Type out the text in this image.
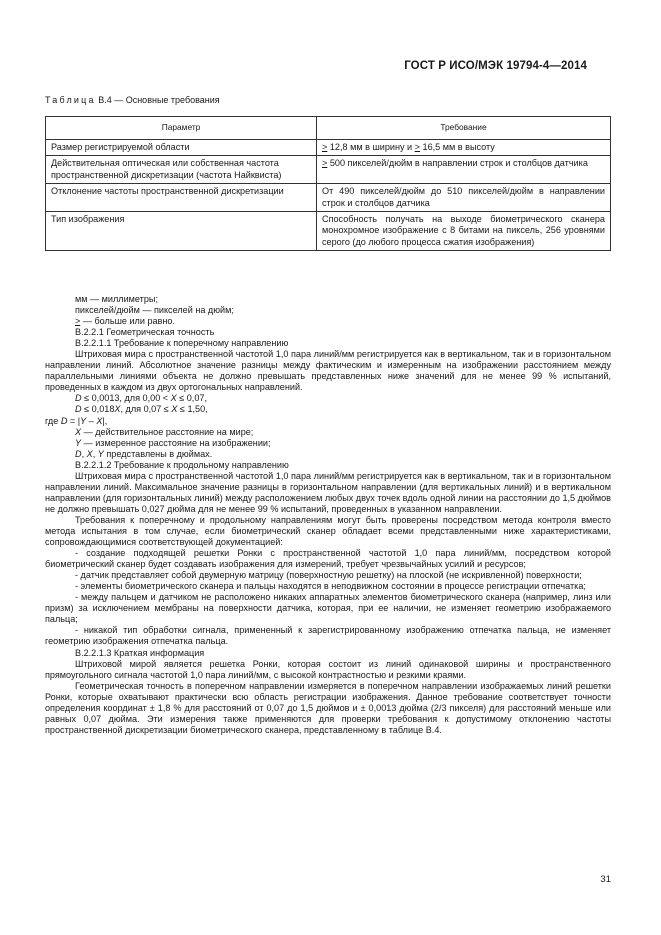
ГОСТ Р ИСО/МЭК 19794-4—2014
Таблица В.4 — Основные требования
Параметр	Требование
Размер регистрируемой области	≥ 12,8 мм в ширину и ≥ 16,5 мм в высоту
Действительная оптическая или собственная частота пространственной дискретизации (частота Найквиста)	≥ 500 пикселей/дюйм в направлении строк и столбцов датчика
Отклонение частоты пространственной дискретизации	От 490 пикселей/дюйм до 510 пикселей/дюйм в направлении строк и столбцов датчика
Тип изображения	Способность получать на выходе биометрического сканера монохромное изображение с 8 битами на пиксель, 256 уровнями серого (до любого процесса сжатия изображения)

мм — миллиметры;

пикселей/дюйм — пикселей на дюйм;

> — больше или равно.

В.2.2.1 Геометрическая точность

В.2.2.1.1 Требование к поперечному направлению

Штриховая мира с пространственной частотой 1,0 пара линий/мм регистрируется как в вертикальном, так и в горизонтальном направлении линий. Абсолютное значение разницы между фактическим и измеренным на изображении расстоянием между параллельными линиями объекта не должно превышать представленных ниже значений для не менее 99 % испытаний, проведенных в каждом из двух ортогональных направлений.

D ≤ 0,0013, для 0,00 < X ≤ 0,07,

D ≤ 0,018X, для 0,07 ≤ X ≤ 1,50,

где D = |Y – X|,

X — действительное расстояние на мире;

Y — измеренное расстояние на изображении;

D, X, Y представлены в дюймах.

В.2.2.1.2 Требование к продольному направлению

Штриховая мира с пространственной частотой 1,0 пара линий/мм регистрируется как в вертикальном, так и в горизонтальном направлении линий. Максимальное значение разницы в горизонтальном направлении (для вертикальных линий) и в вертикальном направлении (для горизонтальных линий) между расположением любых двух точек вдоль одной линии на расстоянии до 1,5 дюймов не должно превышать 0,027 дюйма для не менее 99 % испытаний, проведенных в указанном направлении.

Требования к поперечному и продольному направлениям могут быть проверены посредством метода контроля вместо метода испытания в том случае, если биометрический сканер обладает всеми представленными ниже характеристиками, сопровождающимися соответствующей документацией:

- создание подходящей решетки Ронки с пространственной частотой 1,0 пара линий/мм, посредством которой биометрический сканер будет создавать изображения для измерений, требует чрезвычайных усилий и ресурсов;

- датчик представляет собой двумерную матрицу (поверхностную решетку) на плоской (не искривленной) поверхности;

- элементы биометрического сканера и пальцы находятся в неподвижном состоянии в процессе регистрации отпечатка;

- между пальцем и датчиком не расположено никаких аппаратных элементов биометрического сканера (например, линз или призм) за исключением мембраны на поверхности датчика, которая, при ее наличии, не изменяет геометрию изображаемого пальца;

- никакой тип обработки сигнала, примененный к зарегистрированному изображению отпечатка пальца, не изменяет геометрию изображения отпечатка пальца.

В.2.2.1.3 Краткая информация

Штриховой мирой является решетка Ронки, которая состоит из линий одинаковой ширины и пространственного прямоугольного сигнала частотой 1,0 пара линий/мм, с высокой контрастностью и резкими краями.

Геометрическая точность в поперечном направлении измеряется в поперечном направлении изображаемых линий решетки Ронки, которые охватывают практически всю область регистрации изображения. Данное требование соответствует точности определения координат ± 1,8 % для расстояний от 0,07 до 1,5 дюймов и ± 0,0013 дюйма (2/3 пикселя) для расстояний меньше или равных 0,07 дюйма. Эти измерения также применяются для проверки требования к допустимому отклонению частоты пространственной дискретизации биометрического сканера, представленному в таблице В.4.

31
